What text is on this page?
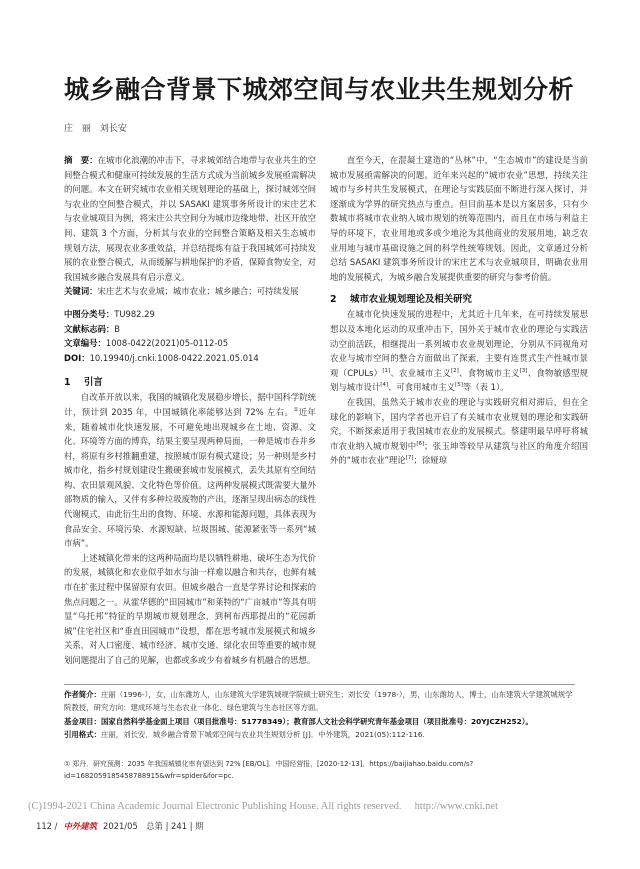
城乡融合背景下城郊空间与农业共生规划分析
庄 丽　刘长安

摘　要：在城市化浪潮的冲击下，寻求城郊结合地带与农业共生的空间整合模式和健康可持续发展的生活方式成为当前城乡发展亟需解决的问题。本文在研究城市农业相关规划理论的基础上，探讨城郊空间与农业的空间整合模式，并以 SASAKI 建筑事务所设计的宋庄艺术与农业城项目为例，将宋庄公共空间分为城市边缘地带、社区开放空间、建筑 3 个方面，分析其与农业的空间整合策略及相关生态城市规划方法，展现农业多重效益，并总结提炼有益于我国城郊可持续发展的农业整合模式，从而缓解与耕地保护的矛盾，保障食物安全，对我国城乡融合发展具有启示意义。

关键词：宋庄艺术与农业城；城市农业；城乡融合；可持续发展

中图分类号：TU982.29
文献标志码：B
文章编号：1008-0422(2021)05-0112-05
DOI：10.19940/j.cnki.1008-0422.2021.05.014
1 引言

自改革开放以来，我国的城镇化发展稳步增长，据中国科学院统计，预计到 2035 年，中国城镇化率能够达到 72% 左右。①近年来，随着城市化快速发展，不可避免地出现城乡在土地、资源、文化、环境等方面的博弈，结果主要呈现两种局面，一种是城市吞并乡村，将原有乡村推翻重建，按照城市原有模式建设；另一种则是乡村城市化，指乡村规划建设生搬硬套城市发展模式，丢失其原有空间结构、农田景观风貌、文化特色等价值。这两种发展模式既需要大量外部物质的输入，又伴有多种垃圾废物的产出，逐渐呈现出病态的线性代谢模式，由此衍生出的食物、环境、水源和能源问题，具体表现为食品安全、环境污染、水源短缺、垃圾围城、能源紧张等一系列“城市病”。

上述城镇化带来的这两种局面均是以牺牲耕地、破坏生态为代价的发展，城镇化和农业似乎如水与油一样难以融合和共存，也鲜有城市在扩张过程中保留原有农田。但城乡融合一直是学界讨论和探索的焦点问题之一。从霍华德的“田园城市”和莱特的“广亩城市”等具有明显“乌托邦”特征的早期城市规划理念，到柯布西耶提出的“花园新城”住宅社区和“垂直田园城市”设想，都在思考城市发展模式和城乡关系，对人口密度、城市经济、城市交通、绿化农田等重要的城市规划问题提出了自己的见解，也都或多或少有着城乡有机融合的思想。

直至今天，在混凝土建造的“丛林”中，“生态城市”的建设是当前城市发展亟需解决的问题。近年来兴起的“城市农业”思想，持续关注城市与乡村共生发展模式，在理论与实践层面不断进行深入探讨，并逐渐成为学界的研究热点与重点。但目前基本是以方案居多，只有少数城市将城市农业纳入城市规划的统筹范围内，而且在市场与利益主导的环境下，农业用地或多或少地沦为其他商业的发展用地，缺乏农业用地与城市基础设施之间的科学性统筹规划。因此，文章通过分析总结 SASAKI 建筑事务所设计的宋庄艺术与农业城项目，明确农业用地的发展模式，为城乡融合发展提供重要的研究与参考价值。

2 城市农业规划理论及相关研究

在城市化快速发展的进程中，尤其近十几年来，在可持续发展思想以及本地化运动的双重冲击下，国外关于城市农业的理论与实践活动空前活跃，相继提出一系列城市农业规划理论，分别从不同视角对农业与城市空间的整合方面做出了探索，主要有连贯式生产性城市景观（CPULs）[1]、农业城市主义[2]、食物城市主义[3]、食物敏感型规划与城市设计[4]、可食用城市主义[5]等（表 1）。

在我国，虽然关于城市农业的理论与实践研究相对滞后，但在全球化的影响下，国内学者也开启了有关城市农业规划的理论和实践研究，不断探索适用于我国城市农业的发展模式。蔡建明最早呼吁将城市农业纳入城市规划中[6]；张玉坤等较早从建筑与社区的角度介绍国外的“城市农业”理论[7]；徐娅琼

作者简介：庄丽（1996-），女，山东潍坊人，山东建筑大学建筑城规学院硕士研究生；刘长安（1978-），男，山东潍坊人，博士，山东建筑大学建筑城规学院教授，研究方向：建成环境与生态农业一体化、绿色建筑与生态社区等方面。
基金项目：国家自然科学基金面上项目（项目批准号：51778349）；教育部人文社会科学研究青年基金项目（项目批准号：20YJCZH252）。
引用格式：庄丽，刘长安．城乡融合背景下城郊空间与农业共生规划分析 [J]．中外建筑，2021(05):112-116.
① 郑丹．研究预测：2035 年我国城镇化率有望达到 72% [EB/OL]．中国经营报，[2020-12-13]．https://baijiahao.baidu.com/s?id=1682059185458788915&wfr=spider&for=pc.
(C)1994-2021 China Academic Journal Electronic Publishing House. All rights reserved.　 http://www.cnki.net
112 / 中外建筑 2021/05　总第 | 241 | 期
